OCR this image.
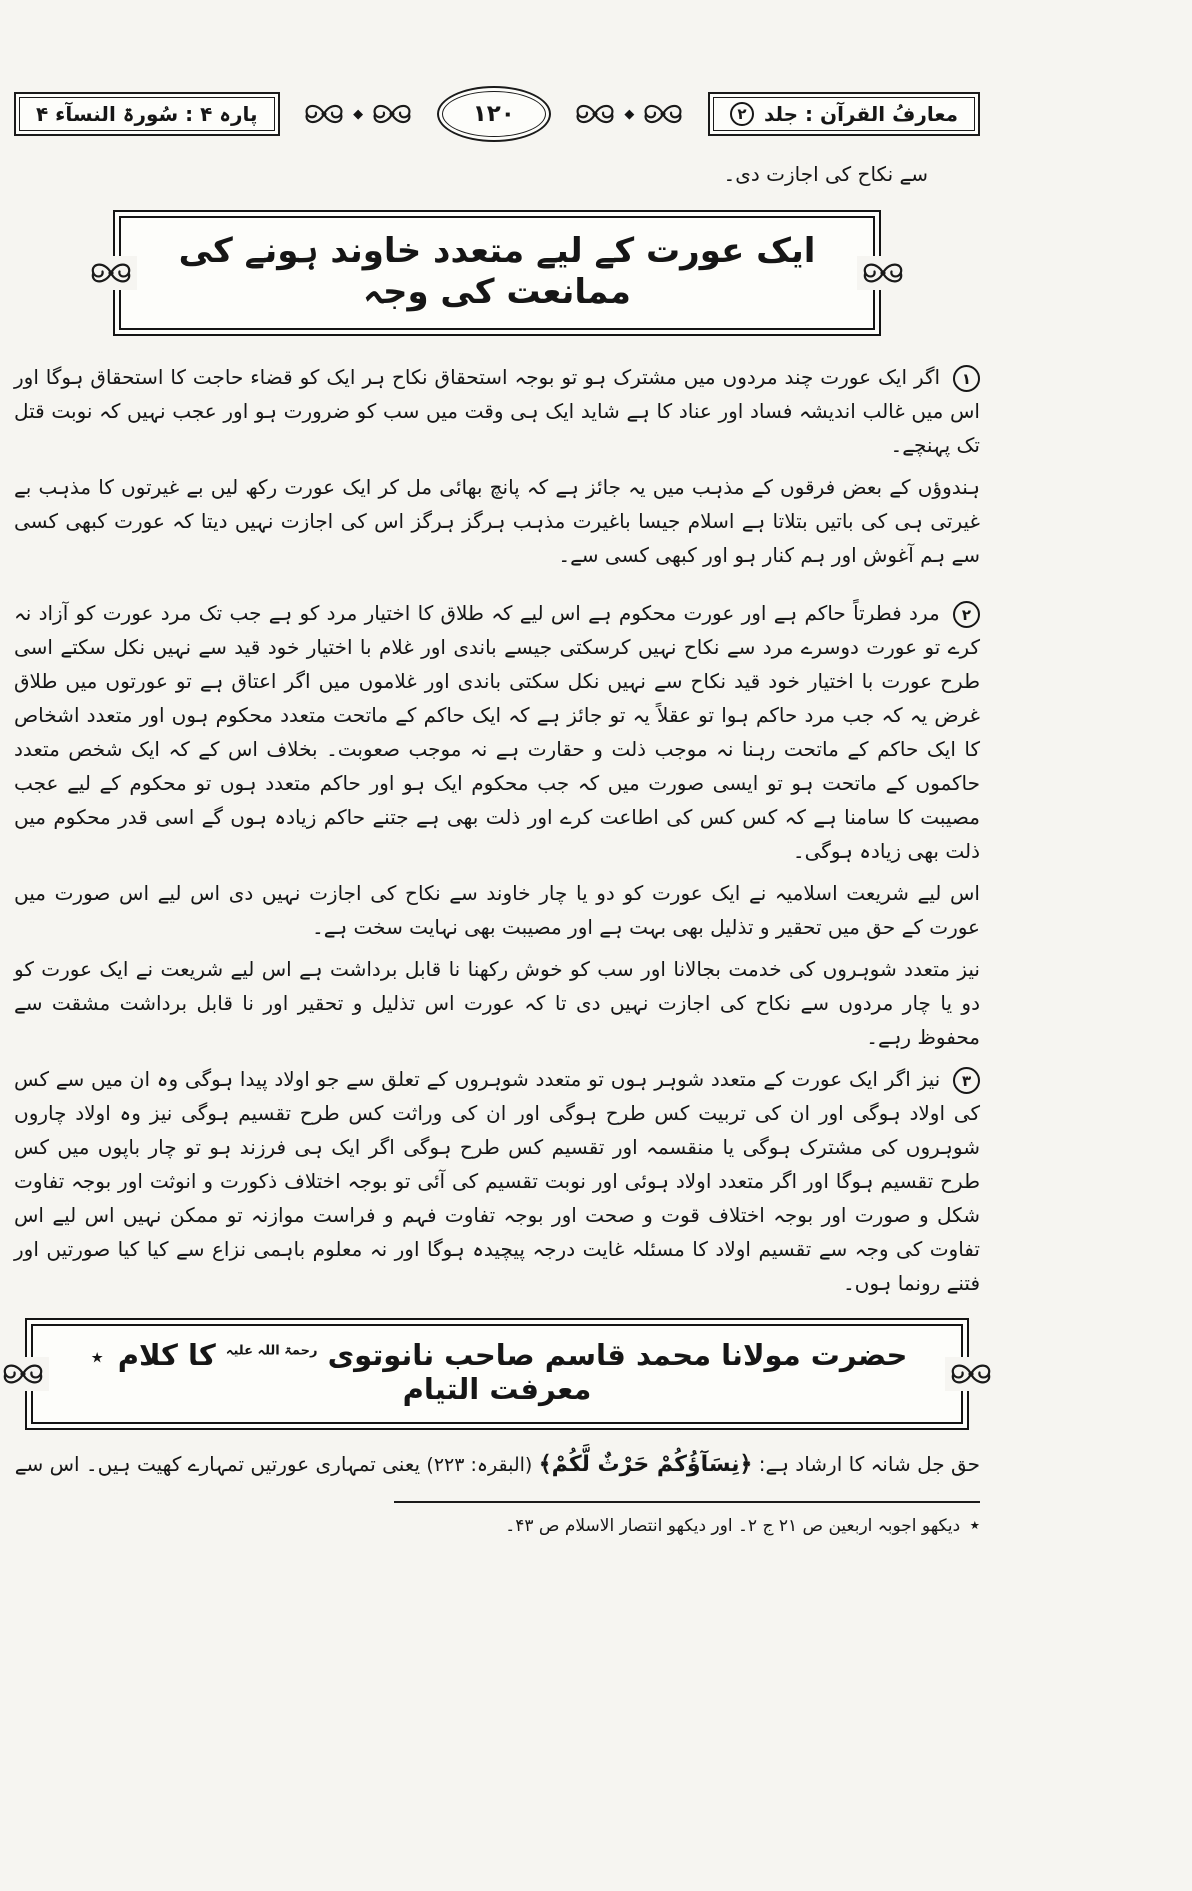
پارہ ۴ : سُورۃ النسآء ۴	◆	۱۲۰	◆	معارفُ القرآن : جلد
۲

سے نکاح کی اجازت دی۔

ایک عورت کے لیے متعدد خاوند ہونے کی ممانعت کی وجہ

۱ اگر ایک عورت چند مردوں میں مشترک ہو تو بوجہ استحقاق نکاح ہر ایک کو قضاء حاجت کا استحقاق ہوگا اور اس میں غالب اندیشہ فساد اور عناد کا ہے شاید ایک ہی وقت میں سب کو ضرورت ہو اور عجب نہیں کہ نوبت قتل تک پہنچے۔

ہندوؤں کے بعض فرقوں کے مذہب میں یہ جائز ہے کہ پانچ بھائی مل کر ایک عورت رکھ لیں بے غیرتوں کا مذہب بے غیرتی ہی کی باتیں بتلاتا ہے اسلام جیسا باغیرت مذہب ہرگز ہرگز اس کی اجازت نہیں دیتا کہ عورت کبھی کسی سے ہم آغوش اور ہم کنار ہو اور کبھی کسی سے۔

۲ مرد فطرتاً حاکم ہے اور عورت محکوم ہے اس لیے کہ طلاق کا اختیار مرد کو ہے جب تک مرد عورت کو آزاد نہ کرے تو عورت دوسرے مرد سے نکاح نہیں کرسکتی جیسے باندی اور غلام با اختیار خود قید سے نہیں نکل سکتے اسی طرح عورت با اختیار خود قید نکاح سے نہیں نکل سکتی باندی اور غلاموں میں اگر اعتاق ہے تو عورتوں میں طلاق غرض یہ کہ جب مرد حاکم ہوا تو عقلاً یہ تو جائز ہے کہ ایک حاکم کے ماتحت متعدد محکوم ہوں اور متعدد اشخاص کا ایک حاکم کے ماتحت رہنا نہ موجب ذلت و حقارت ہے نہ موجب صعوبت۔ بخلاف اس کے کہ ایک شخص متعدد حاکموں کے ماتحت ہو تو ایسی صورت میں کہ جب محکوم ایک ہو اور حاکم متعدد ہوں تو محکوم کے لیے عجب مصیبت کا سامنا ہے کہ کس کس کی اطاعت کرے اور ذلت بھی ہے جتنے حاکم زیادہ ہوں گے اسی قدر محکوم میں ذلت بھی زیادہ ہوگی۔

اس لیے شریعت اسلامیہ نے ایک عورت کو دو یا چار خاوند سے نکاح کی اجازت نہیں دی اس لیے اس صورت میں عورت کے حق میں تحقیر و تذلیل بھی بہت ہے اور مصیبت بھی نہایت سخت ہے۔

نیز متعدد شوہروں کی خدمت بجالانا اور سب کو خوش رکھنا نا قابل برداشت ہے اس لیے شریعت نے ایک عورت کو دو یا چار مردوں سے نکاح کی اجازت نہیں دی تا کہ عورت اس تذلیل و تحقیر اور نا قابل برداشت مشقت سے محفوظ رہے۔

۳ نیز اگر ایک عورت کے متعدد شوہر ہوں تو متعدد شوہروں کے تعلق سے جو اولاد پیدا ہوگی وہ ان میں سے کس کی اولاد ہوگی اور ان کی تربیت کس طرح ہوگی اور ان کی وراثت کس طرح تقسیم ہوگی نیز وہ اولاد چاروں شوہروں کی مشترک ہوگی یا منقسمہ اور تقسیم کس طرح ہوگی اگر ایک ہی فرزند ہو تو چار باپوں میں کس طرح تقسیم ہوگا اور اگر متعدد اولاد ہوئی اور نوبت تقسیم کی آئی تو بوجہ اختلاف ذکورت و انوثت اور بوجہ تفاوت شکل و صورت اور بوجہ اختلاف قوت و صحت اور بوجہ تفاوت فہم و فراست موازنہ تو ممکن نہیں اس لیے اس تفاوت کی وجہ سے تقسیم اولاد کا مسئلہ غایت درجہ پیچیدہ ہوگا اور نہ معلوم باہمی نزاع سے کیا کیا صورتیں اور فتنے رونما ہوں۔

حضرت مولانا محمد قاسم صاحب نانوتوی $^{رحمۃ اللہ علیہ}$ کا کلام ٭ معرفت التیام

حق جل شانہ کا ارشاد ہے: ﴿نِسَآؤُكُمْ حَرْثٌ لَّكُمْ﴾ (البقرہ: ۲۲۳) یعنی تمہاری عورتیں تمہارے کھیت ہیں۔ اس سے

٭ دیکھو اجوبہ اربعین ص ۲۱ ج ۲۔ اور دیکھو انتصار الاسلام ص ۴۳۔
